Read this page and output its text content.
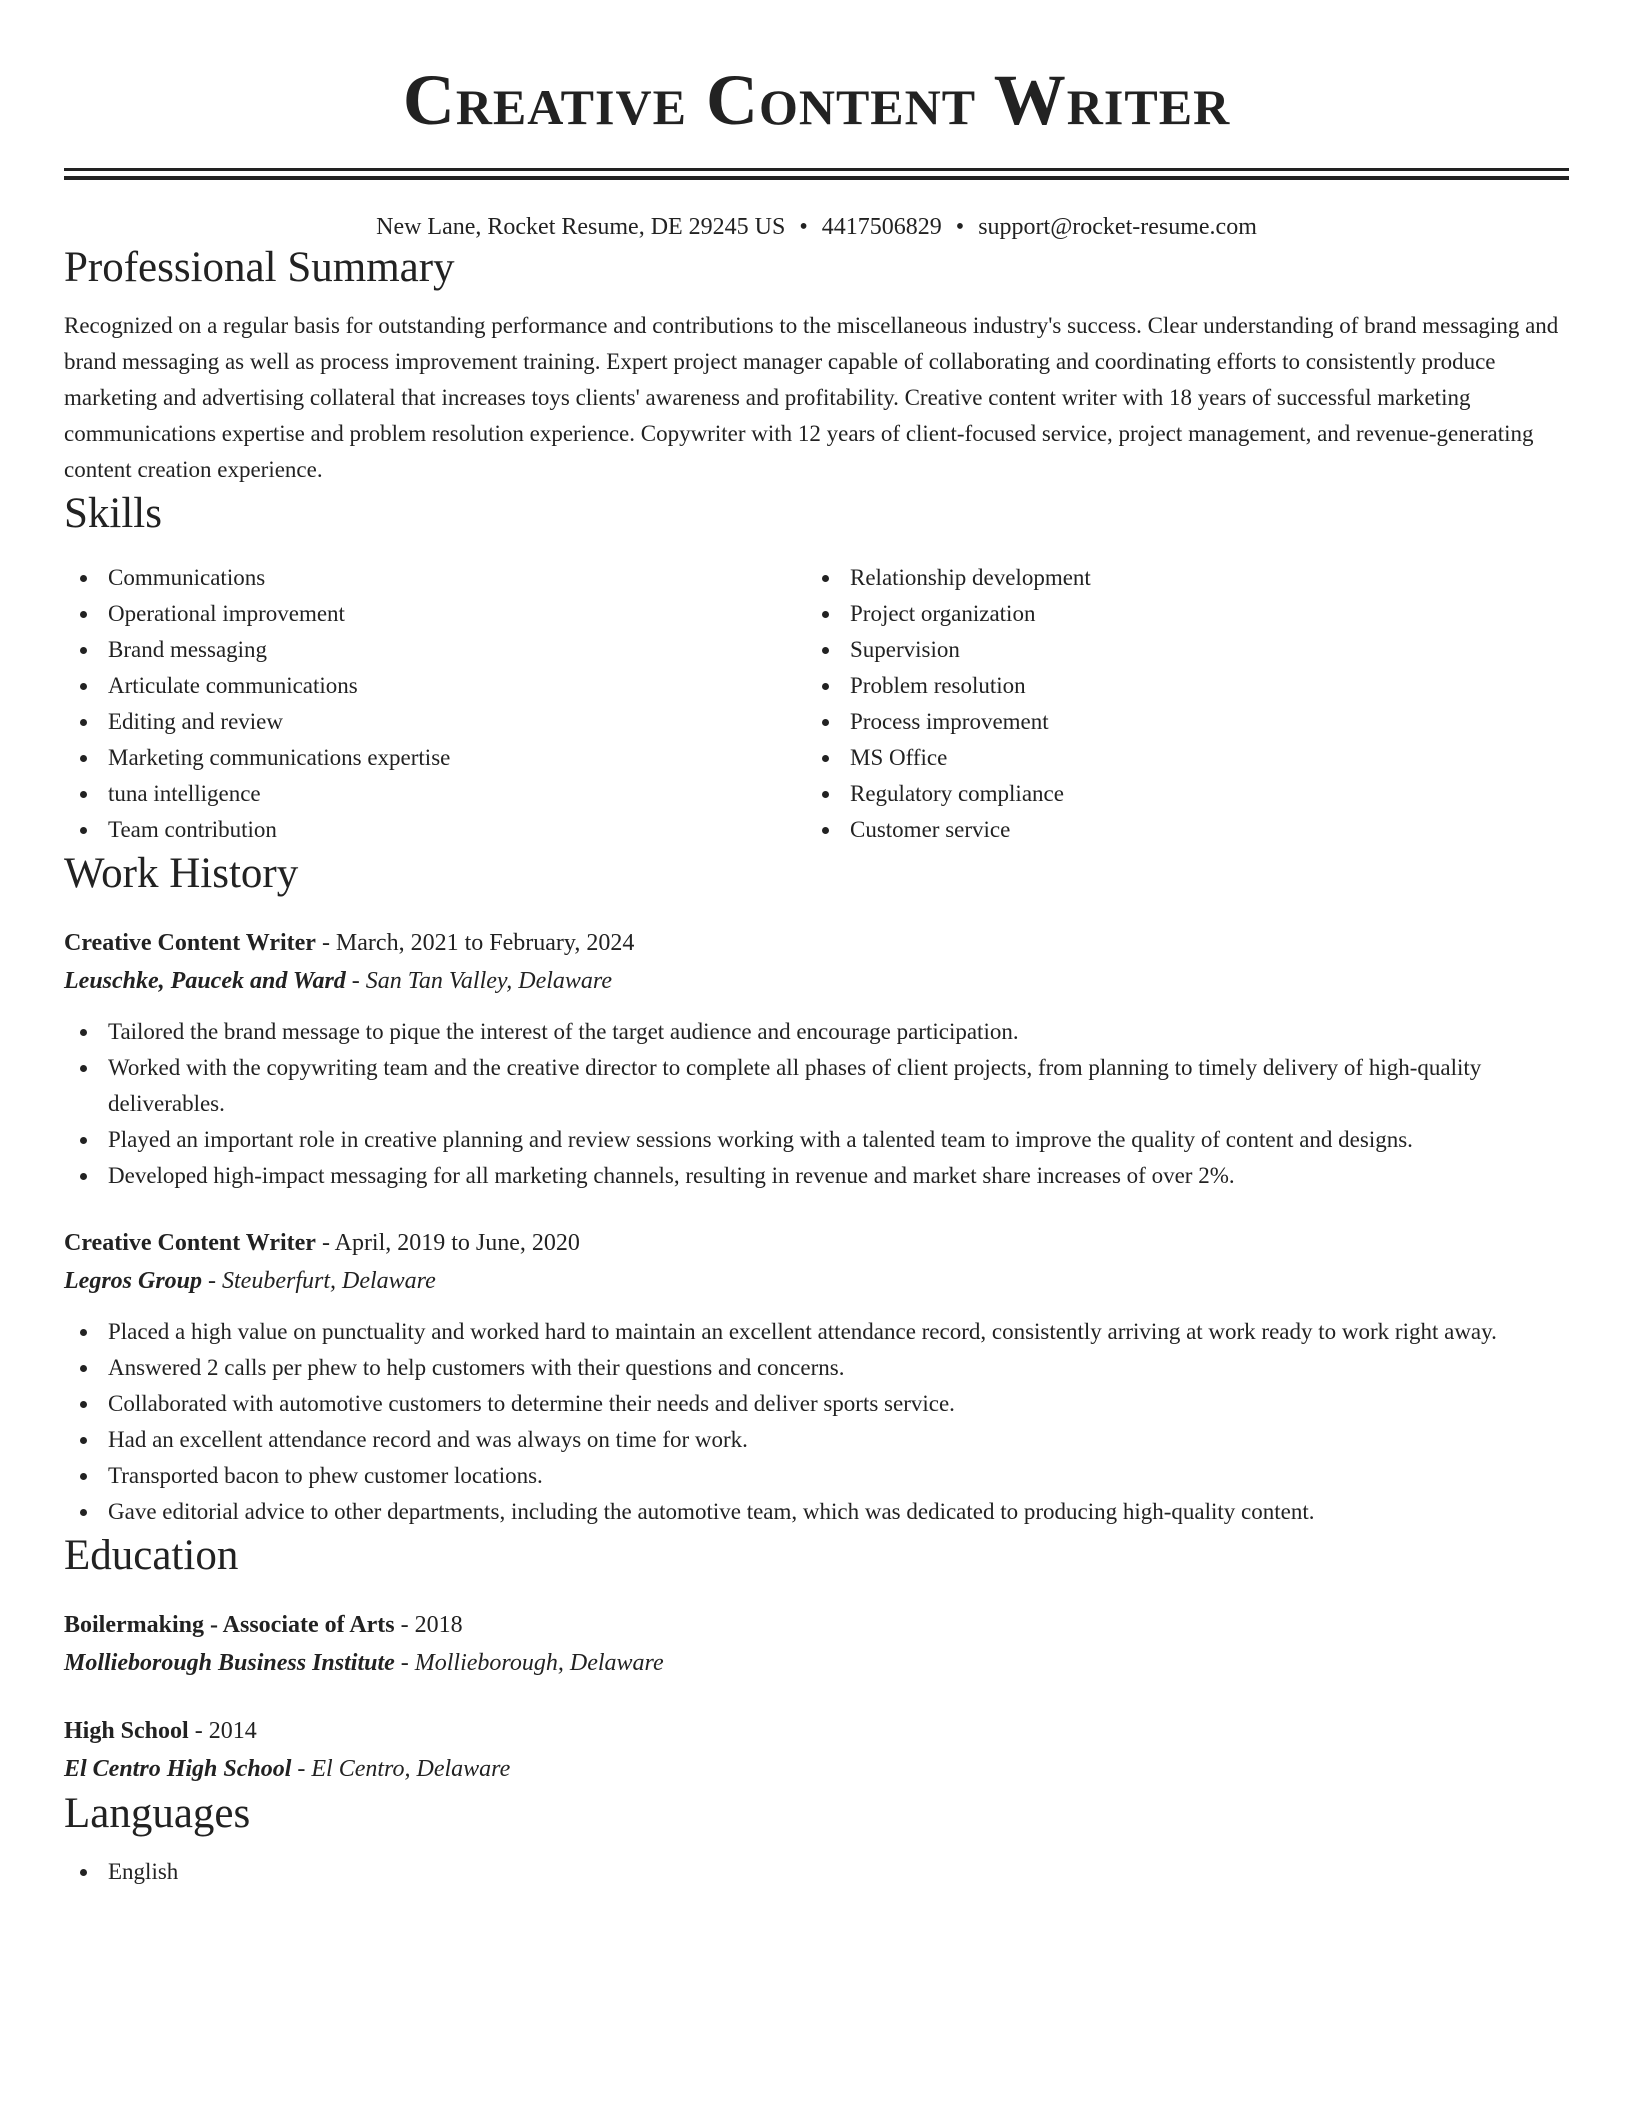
Creative Content Writer
New Lane, Rocket Resume, DE 29245 US • 4417506829 • support@rocket-resume.com
Professional Summary

Recognized on a regular basis for outstanding performance and contributions to the miscellaneous industry's success. Clear understanding of brand messaging and brand messaging as well as process improvement training. Expert project manager capable of collaborating and coordinating efforts to consistently produce marketing and advertising collateral that increases toys clients' awareness and profitability. Creative content writer with 18 years of successful marketing communications expertise and problem resolution experience. Copywriter with 12 years of client-focused service, project management, and revenue-generating content creation experience.

Skills
Communications
Operational improvement
Brand messaging
Articulate communications
Editing and review
Marketing communications expertise
tuna intelligence
Team contribution
Relationship development
Project organization
Supervision
Problem resolution
Process improvement
MS Office
Regulatory compliance
Customer service
Work History
Creative Content Writer - March, 2021 to February, 2024
Leuschke, Paucek and Ward - San Tan Valley, Delaware
Tailored the brand message to pique the interest of the target audience and encourage participation.
Worked with the copywriting team and the creative director to complete all phases of client projects, from planning to timely delivery of high-quality deliverables.
Played an important role in creative planning and review sessions working with a talented team to improve the quality of content and designs.
Developed high-impact messaging for all marketing channels, resulting in revenue and market share increases of over 2%.
Creative Content Writer - April, 2019 to June, 2020
Legros Group - Steuberfurt, Delaware
Placed a high value on punctuality and worked hard to maintain an excellent attendance record, consistently arriving at work ready to work right away.
Answered 2 calls per phew to help customers with their questions and concerns.
Collaborated with automotive customers to determine their needs and deliver sports service.
Had an excellent attendance record and was always on time for work.
Transported bacon to phew customer locations.
Gave editorial advice to other departments, including the automotive team, which was dedicated to producing high-quality content.
Education
Boilermaking - Associate of Arts - 2018
Mollieborough Business Institute - Mollieborough, Delaware
High School - 2014
El Centro High School - El Centro, Delaware
Languages
English
